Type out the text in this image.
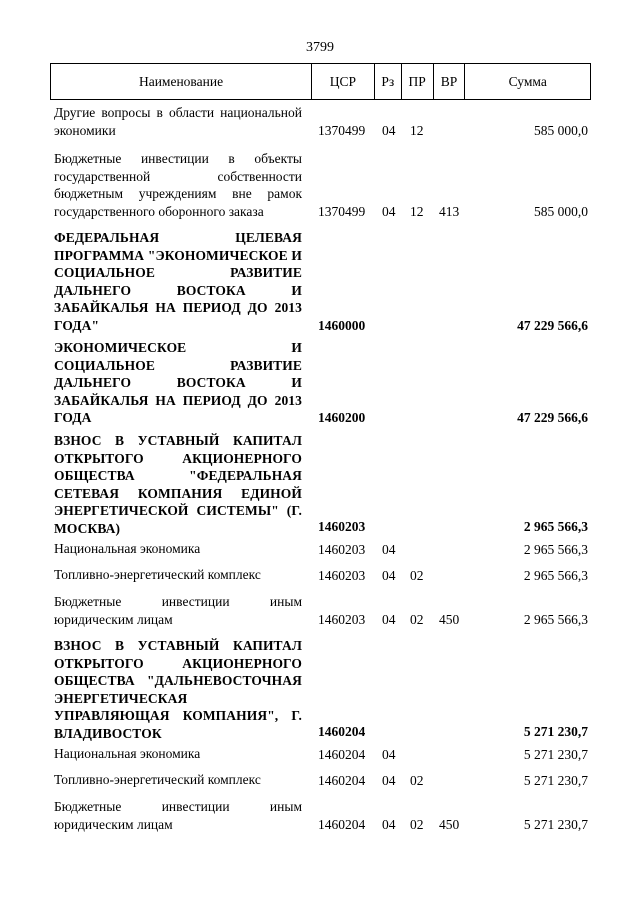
3799
Наименование	ЦСР	Рз	ПР	ВР	Сумма
Другие вопросы в области национальной экономики	1370499 04 12	585 000,0
Бюджетные инвестиции в объекты государственной собственности бюджетным учреждениям вне рамок государственного оборонного заказа	1370499 04 12 413	585 000,0
ФЕДЕРАЛЬНАЯ ЦЕЛЕВАЯ ПРОГРАММА "ЭКОНОМИЧЕСКОЕ И СОЦИАЛЬНОЕ РАЗВИТИЕ ДАЛЬНЕГО ВОСТОКА И ЗАБАЙКАЛЬЯ НА ПЕРИОД ДО 2013 ГОДА"	1460000	47 229 566,6
ЭКОНОМИЧЕСКОЕ И СОЦИАЛЬНОЕ РАЗВИТИЕ ДАЛЬНЕГО ВОСТОКА И ЗАБАЙКАЛЬЯ НА ПЕРИОД ДО 2013 ГОДА	1460200	47 229 566,6
ВЗНОС В УСТАВНЫЙ КАПИТАЛ ОТКРЫТОГО АКЦИОНЕРНОГО ОБЩЕСТВА "ФЕДЕРАЛЬНАЯ СЕТЕВАЯ КОМПАНИЯ ЕДИНОЙ ЭНЕРГЕТИЧЕСКОЙ СИСТЕМЫ" (Г. МОСКВА)	1460203	2 965 566,3
Национальная экономика	1460203 04	2 965 566,3
Топливно-энергетический комплекс	1460203 04 02	2 965 566,3
Бюджетные инвестиции иным юридическим лицам	1460203 04 02 450	2 965 566,3
ВЗНОС В УСТАВНЫЙ КАПИТАЛ ОТКРЫТОГО АКЦИОНЕРНОГО ОБЩЕСТВА "ДАЛЬНЕВОСТОЧНАЯ ЭНЕРГЕТИЧЕСКАЯ УПРАВЛЯЮЩАЯ КОМПАНИЯ", Г. ВЛАДИВОСТОК	1460204	5 271 230,7
Национальная экономика	1460204 04	5 271 230,7
Топливно-энергетический комплекс	1460204 04 02	5 271 230,7
Бюджетные инвестиции иным юридическим лицам	1460204 04 02 450	5 271 230,7
